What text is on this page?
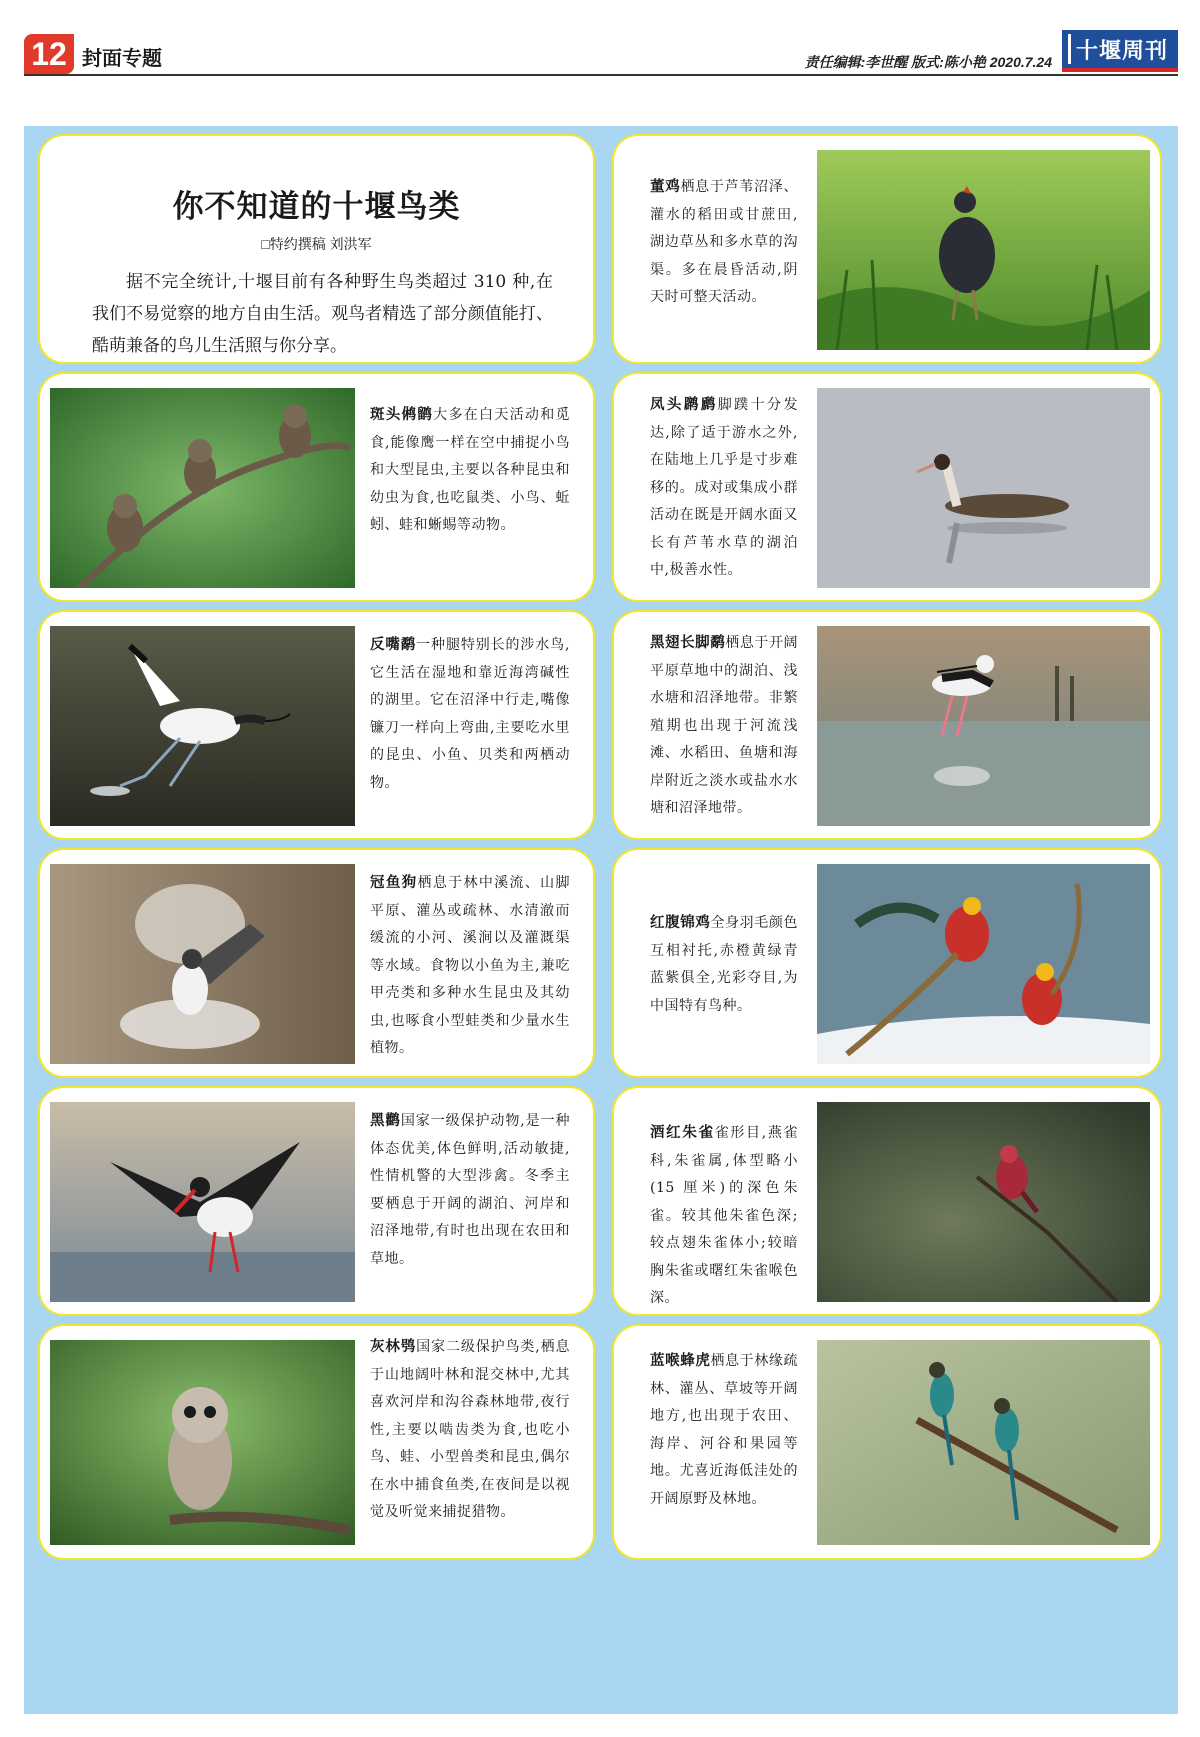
12 封面专题	责任编辑:李世醒 版式:陈小艳 2020.7.24 十堰周刊
你不知道的十堰鸟类
□特约撰稿 刘洪军
据不完全统计,十堰目前有各种野生鸟类超过 310 种,在我们不易觉察的地方自由生活。观鸟者精选了部分颜值能打、酷萌兼备的鸟儿生活照与你分享。
董鸡栖息于芦苇沼泽、灌水的稻田或甘蔗田,湖边草丛和多水草的沟渠。多在晨昏活动,阴天时可整天活动。
斑头鸺鹠大多在白天活动和觅食,能像鹰一样在空中捕捉小鸟和大型昆虫,主要以各种昆虫和幼虫为食,也吃鼠类、小鸟、蚯蚓、蛙和蜥蜴等动物。
凤头䴙䴘脚蹼十分发达,除了适于游水之外,在陆地上几乎是寸步难移的。成对或集成小群活动在既是开阔水面又长有芦苇水草的湖泊中,极善水性。
反嘴鹬一种腿特别长的涉水鸟,它生活在湿地和靠近海湾碱性的湖里。它在沼泽中行走,嘴像镰刀一样向上弯曲,主要吃水里的昆虫、小鱼、贝类和两栖动物。
黑翅长脚鹬栖息于开阔平原草地中的湖泊、浅水塘和沼泽地带。非繁殖期也出现于河流浅滩、水稻田、鱼塘和海岸附近之淡水或盐水水塘和沼泽地带。
冠鱼狗栖息于林中溪流、山脚平原、灌丛或疏林、水清澈而缓流的小河、溪涧以及灌溉渠等水域。食物以小鱼为主,兼吃甲壳类和多种水生昆虫及其幼虫,也啄食小型蛙类和少量水生植物。
红腹锦鸡全身羽毛颜色互相衬托,赤橙黄绿青蓝紫俱全,光彩夺目,为中国特有鸟种。
黑鹳国家一级保护动物,是一种体态优美,体色鲜明,活动敏捷,性情机警的大型涉禽。冬季主要栖息于开阔的湖泊、河岸和沼泽地带,有时也出现在农田和草地。
酒红朱雀雀形目,燕雀科,朱雀属,体型略小(15 厘米)的深色朱雀。较其他朱雀色深;较点翅朱雀体小;较暗胸朱雀或曙红朱雀喉色深。
灰林鸮国家二级保护鸟类,栖息于山地阔叶林和混交林中,尤其喜欢河岸和沟谷森林地带,夜行性,主要以啮齿类为食,也吃小鸟、蛙、小型兽类和昆虫,偶尔在水中捕食鱼类,在夜间是以视觉及听觉来捕捉猎物。
蓝喉蜂虎栖息于林缘疏林、灌丛、草坡等开阔地方,也出现于农田、海岸、河谷和果园等地。尤喜近海低洼处的开阔原野及林地。
